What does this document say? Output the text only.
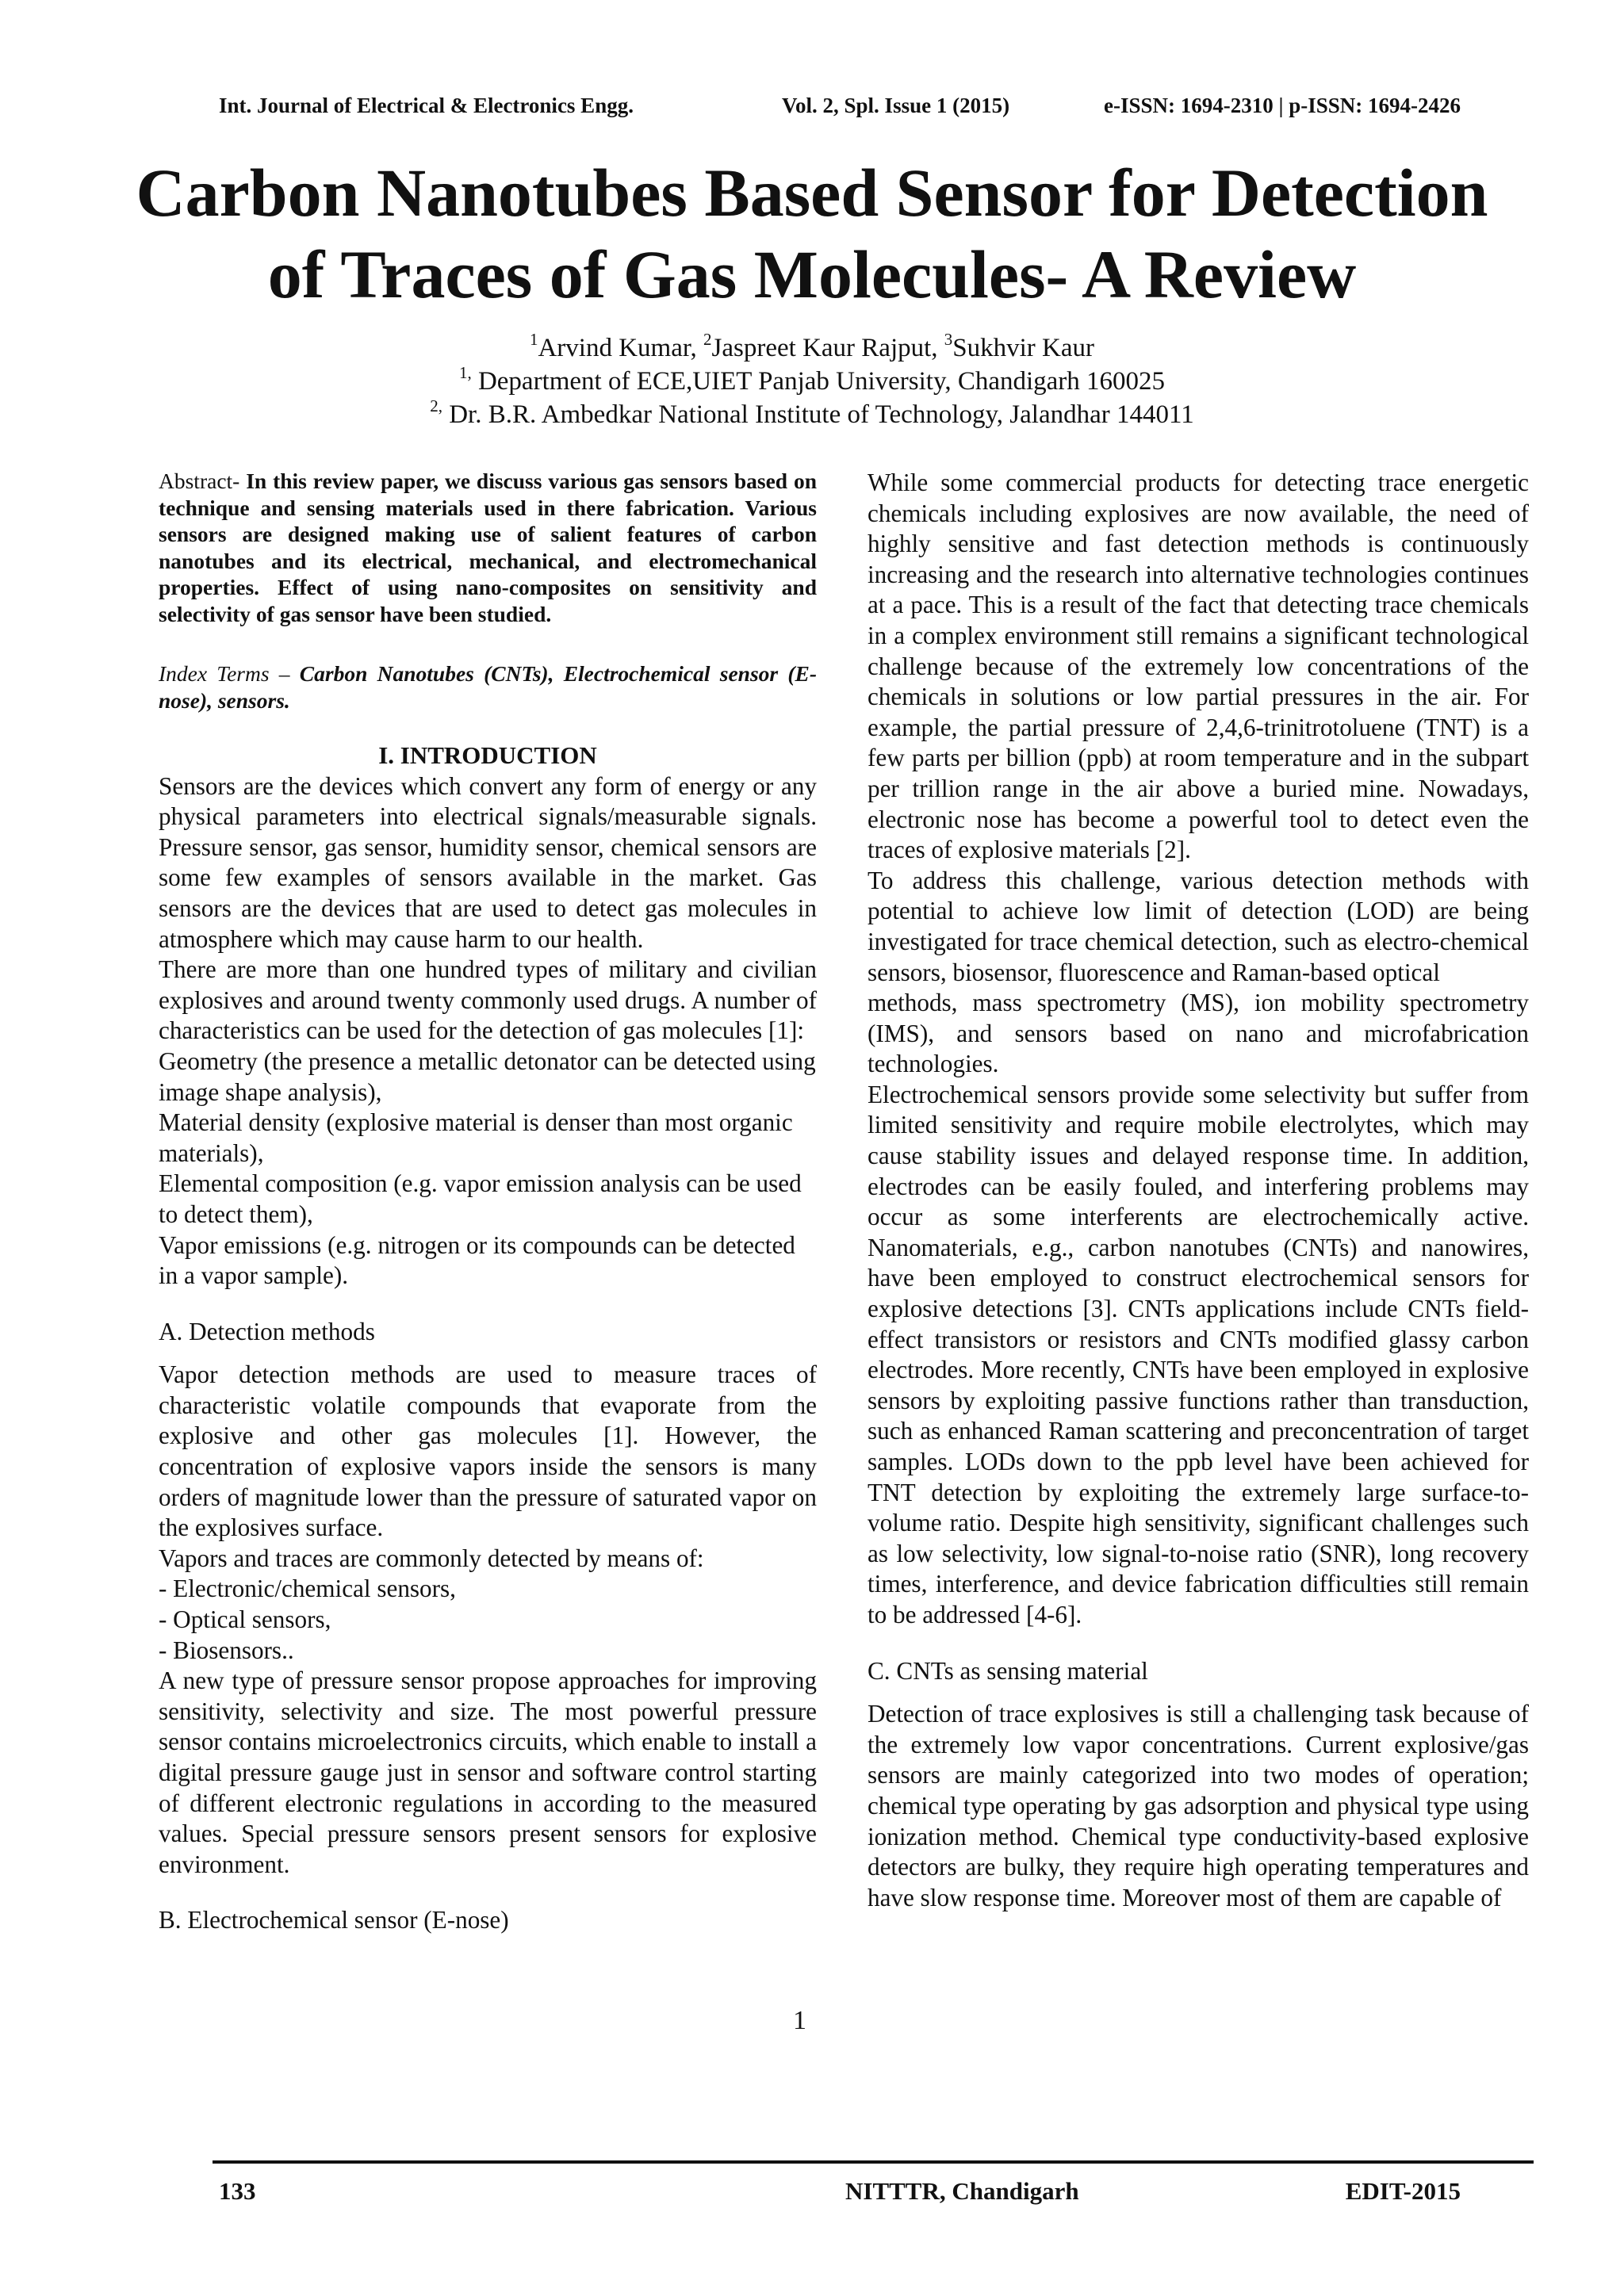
Int. Journal of Electrical & Electronics Engg.	Vol. 2, Spl. Issue 1 (2015)	e-ISSN: 1694-2310 | p-ISSN: 1694-2426
Carbon Nanotubes Based Sensor for Detection
of Traces of Gas Molecules- A Review
$^1$Arvind Kumar, $^2$Jaspreet Kaur Rajput, $^3$Sukhvir Kaur
$^{1,}$ Department of ECE,UIET Panjab University, Chandigarh 160025
$^{2,}$ Dr. B.R. Ambedkar National Institute of Technology, Jalandhar 144011

Abstract- In this review paper, we discuss various gas sensors based on technique and sensing materials used in there fabrication. Various sensors are designed making use of salient features of carbon nanotubes and its electrical, mechanical, and electromechanical properties. Effect of using nano-composites on sensitivity and selectivity of gas sensor have been studied.

Index Terms – Carbon Nanotubes (CNTs), Electrochemical sensor (E-nose), sensors.

I. INTRODUCTION

Sensors are the devices which convert any form of energy or any physical parameters into electrical signals/measurable signals. Pressure sensor, gas sensor, humidity sensor, chemical sensors are some few examples of sensors available in the market. Gas sensors are the devices that are used to detect gas molecules in atmosphere which may cause harm to our health.

There are more than one hundred types of military and civilian explosives and around twenty commonly used drugs. A number of characteristics can be used for the detection of gas molecules [1]:

Geometry (the presence a metallic detonator can be detected using image shape analysis),

Material density (explosive material is denser than most organic materials),

Elemental composition (e.g. vapor emission analysis can be used to detect them),

Vapor emissions (e.g. nitrogen or its compounds can be detected in a vapor sample).

A. Detection methods

Vapor detection methods are used to measure traces of characteristic volatile compounds that evaporate from the explosive and other gas molecules [1]. However, the concentration of explosive vapors inside the sensors is many orders of magnitude lower than the pressure of saturated vapor on the explosives surface.

Vapors and traces are commonly detected by means of:

- Electronic/chemical sensors,

- Optical sensors,

- Biosensors..

A new type of pressure sensor propose approaches for improving sensitivity, selectivity and size. The most powerful pressure sensor contains microelectronics circuits, which enable to install a digital pressure gauge just in sensor and software control starting of different electronic regulations in according to the measured values. Special pressure sensors present sensors for explosive environment.

B. Electrochemical sensor (E-nose)

While some commercial products for detecting trace energetic chemicals including explosives are now available, the need of highly sensitive and fast detection methods is continuously increasing and the research into alternative technologies continues at a pace. This is a result of the fact that detecting trace chemicals in a complex environment still remains a significant technological challenge because of the extremely low concentrations of the chemicals in solutions or low partial pressures in the air. For example, the partial pressure of 2,4,6-trinitrotoluene (TNT) is a few parts per billion (ppb) at room temperature and in the subpart per trillion range in the air above a buried mine. Nowadays, electronic nose has become a powerful tool to detect even the traces of explosive materials [2].

To address this challenge, various detection methods with potential to achieve low limit of detection (LOD) are being investigated for trace chemical detection, such as electro-chemical sensors, biosensor, fluorescence and Raman-based optical

methods, mass spectrometry (MS), ion mobility spectrometry (IMS), and sensors based on nano and microfabrication technologies.

Electrochemical sensors provide some selectivity but suffer from limited sensitivity and require mobile electrolytes, which may cause stability issues and delayed response time. In addition, electrodes can be easily fouled, and interfering problems may occur as some interferents are electrochemically active. Nanomaterials, e.g., carbon nanotubes (CNTs) and nanowires, have been employed to construct electrochemical sensors for explosive detections [3]. CNTs applications include CNTs field-effect transistors or resistors and CNTs modified glassy carbon electrodes. More recently, CNTs have been employed in explosive sensors by exploiting passive functions rather than transduction, such as enhanced Raman scattering and preconcentration of target samples. LODs down to the ppb level have been achieved for TNT detection by exploiting the extremely large surface-to-volume ratio. Despite high sensitivity, significant challenges such as low selectivity, low signal-to-noise ratio (SNR), long recovery times, interference, and device fabrication difficulties still remain to be addressed [4-6].

C. CNTs as sensing material

Detection of trace explosives is still a challenging task because of the extremely low vapor concentrations. Current explosive/gas sensors are mainly categorized into two modes of operation; chemical type operating by gas adsorption and physical type using ionization method. Chemical type conductivity-based explosive detectors are bulky, they require high operating temperatures and have slow response time. Moreover most of them are capable of

1
133	NITTTR, Chandigarh	EDIT-2015
